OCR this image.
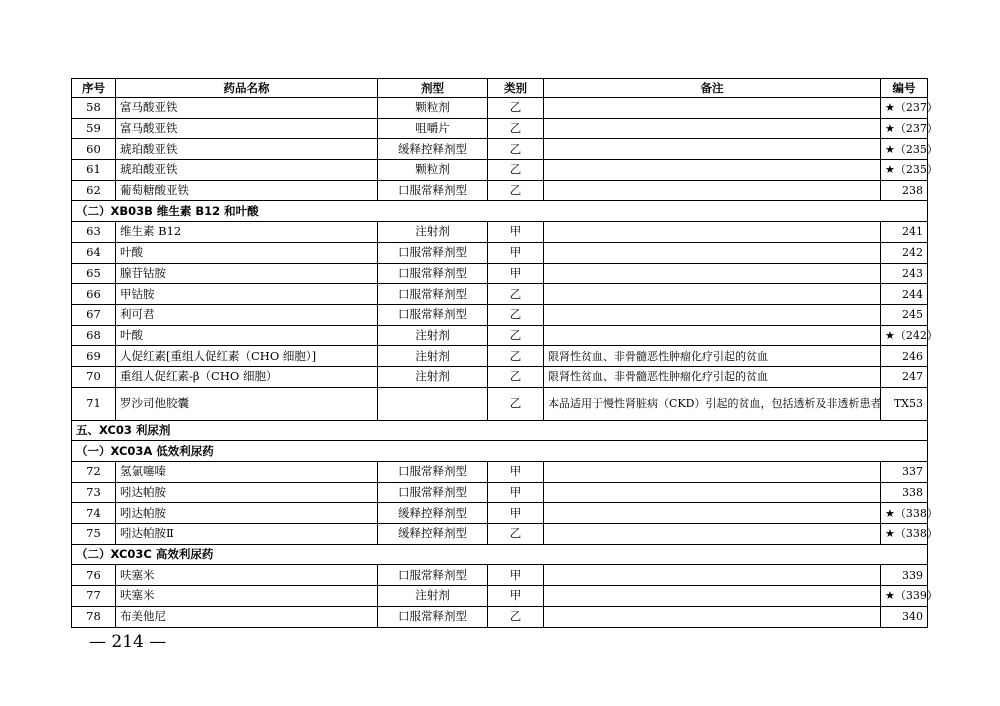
序号	药品名称	剂型	类别	备注	编号
58	富马酸亚铁	颗粒剂	乙		★（237）
59	富马酸亚铁	咀嚼片	乙		★（237）
60	琥珀酸亚铁	缓释控释剂型	乙		★（235）
61	琥珀酸亚铁	颗粒剂	乙		★（235）
62	葡萄糖酸亚铁	口服常释剂型	乙		238
（二）XB03B 维生素 B12 和叶酸					
63	维生素 B12	注射剂	甲		241
64	叶酸	口服常释剂型	甲		242
65	腺苷钴胺	口服常释剂型	甲		243
66	甲钴胺	口服常释剂型	乙		244
67	利可君	口服常释剂型	乙		245
68	叶酸	注射剂	乙		★（242）
69	人促红素[重组人促红素（CHO 细胞）]	注射剂	乙	限肾性贫血、非骨髓恶性肿瘤化疗引起的贫血	246
70	重组人促红素-β（CHO 细胞）	注射剂	乙	限肾性贫血、非骨髓恶性肿瘤化疗引起的贫血	247
71	罗沙司他胶囊		乙	本品适用于慢性肾脏病（CKD）引起的贫血，包括透析及非透析患者	TX53
五、XC03 利尿剂					
（一）XC03A 低效利尿药					
72	氢氯噻嗪	口服常释剂型	甲		337
73	吲达帕胺	口服常释剂型	甲		338
74	吲达帕胺	缓释控释剂型	甲		★（338）
75	吲达帕胺Ⅱ	缓释控释剂型	乙		★（338）
（二）XC03C 高效利尿药					
76	呋塞米	口服常释剂型	甲		339
77	呋塞米	注射剂	甲		★（339）
78	布美他尼	口服常释剂型	乙		340
— 214 —
